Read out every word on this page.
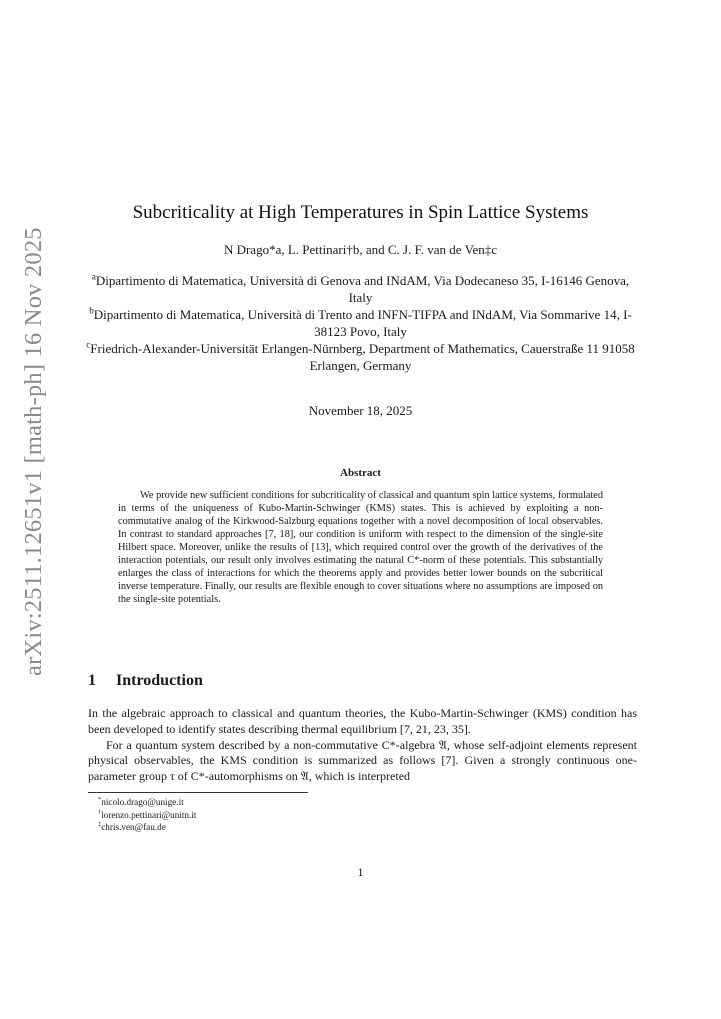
arXiv:2511.12651v1 [math-ph] 16 Nov 2025
Subcriticality at High Temperatures in Spin Lattice Systems
N Drago*a, L. Pettinari†b, and C. J. F. van de Ven‡c

$^a$Dipartimento di Matematica, Università di Genova and INdAM, Via Dodecaneso 35, I-16146 Genova, Italy

$^b$Dipartimento di Matematica, Università di Trento and INFN-TIFPA and INdAM, Via Sommarive 14, I-38123 Povo, Italy

$^c$Friedrich-Alexander-Universität Erlangen-Nürnberg, Department of Mathematics, Cauerstraße 11 91058 Erlangen, Germany

November 18, 2025
Abstract
We provide new sufficient conditions for subcriticality of classical and quantum spin lattice systems, formulated in terms of the uniqueness of Kubo-Martin-Schwinger (KMS) states. This is achieved by exploiting a non-commutative analog of the Kirkwood-Salzburg equations together with a novel decomposition of local observables. In contrast to standard approaches [7, 18], our condition is uniform with respect to the dimension of the single-site Hilbert space. Moreover, unlike the results of [13], which required control over the growth of the derivatives of the interaction potentials, our result only involves estimating the natural C*-norm of these potentials. This substantially enlarges the class of interactions for which the theorems apply and provides better lower bounds on the subcritical inverse temperature. Finally, our results are flexible enough to cover situations where no assumptions are imposed on the single-site potentials.
1 Introduction

In the algebraic approach to classical and quantum theories, the Kubo-Martin-Schwinger (KMS) condition has been developed to identify states describing thermal equilibrium [7, 21, 23, 35].

For a quantum system described by a non-commutative C*-algebra 𝔄, whose self-adjoint elements represent physical observables, the KMS condition is summarized as follows [7]. Given a strongly continuous one-parameter group τ of C*-automorphisms on 𝔄, which is interpreted

*nicolo.drago@unige.it
†lorenzo.pettinari@unitn.it
‡chris.ven@fau.de
1
